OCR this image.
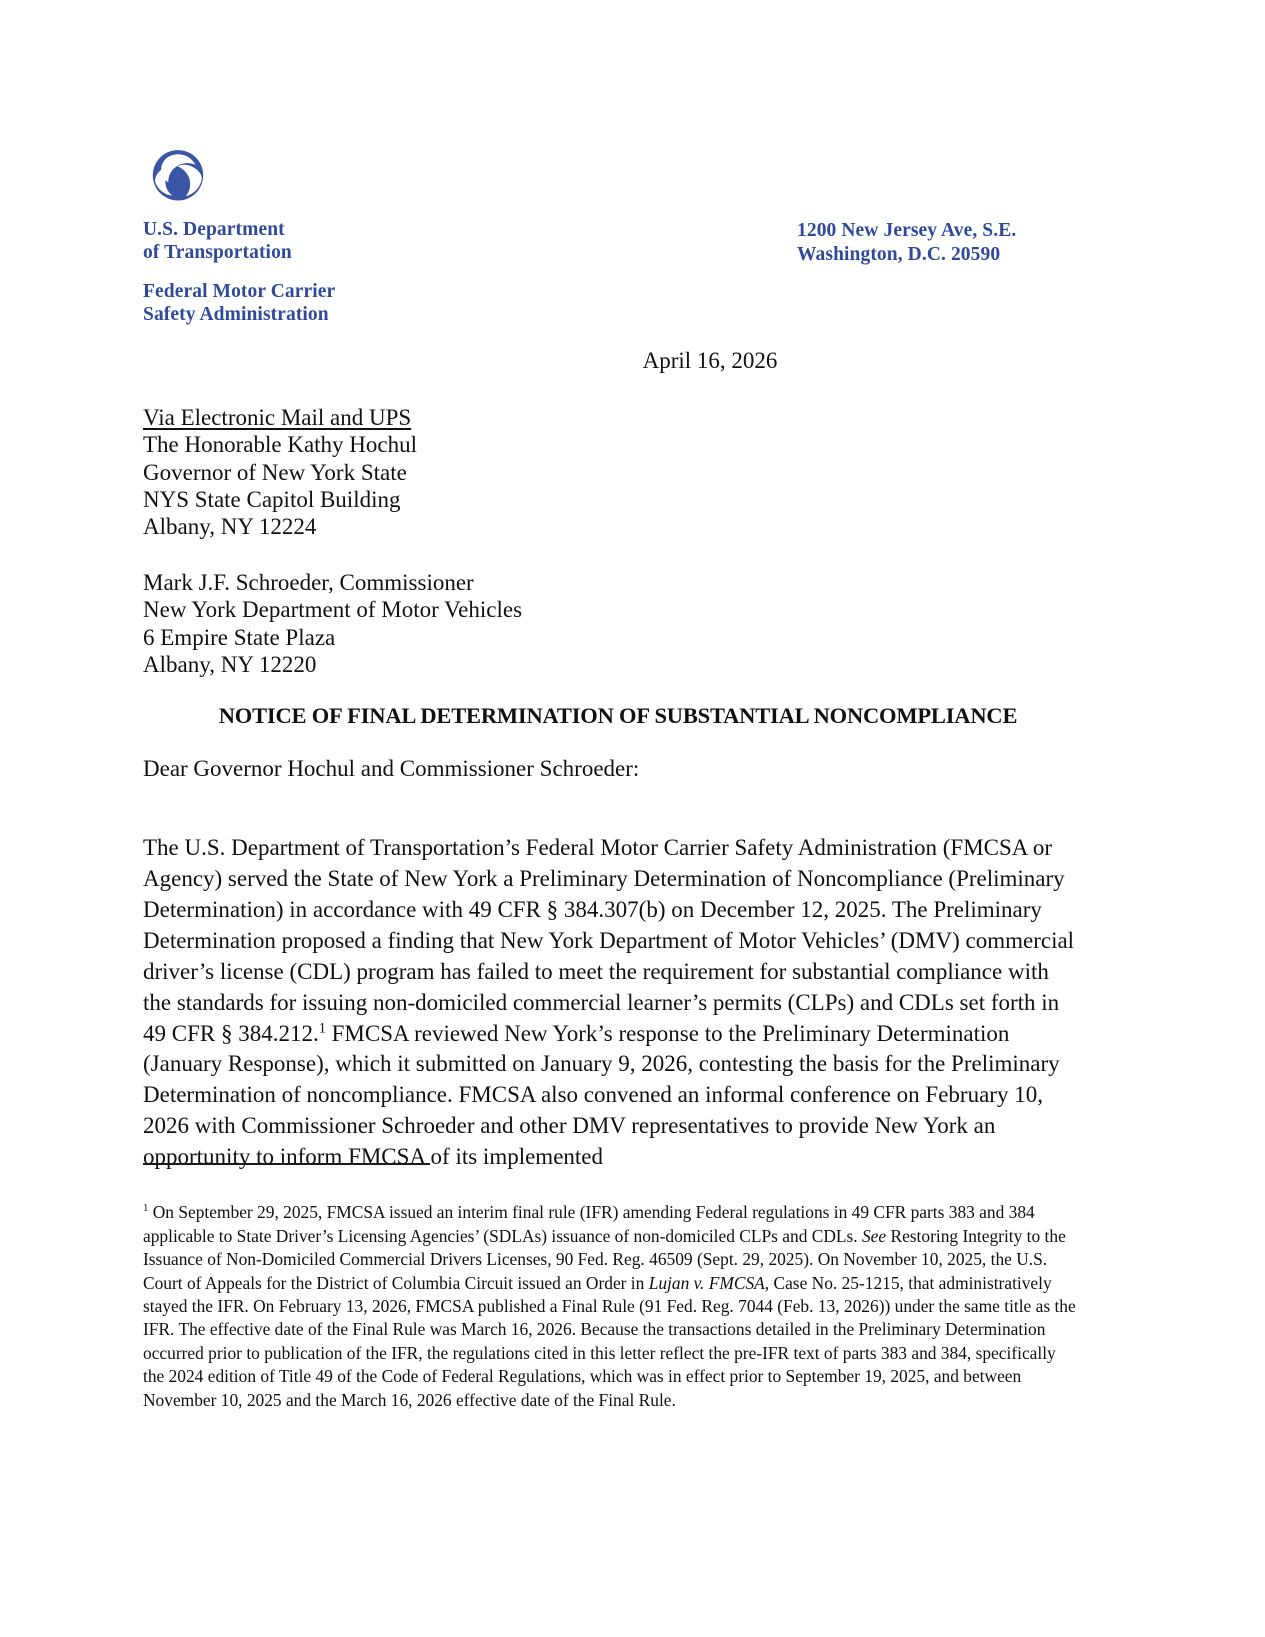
U.S. Department
of Transportation
Federal Motor Carrier
Safety Administration
1200 New Jersey Ave, S.E.
Washington, D.C. 20590
April 16, 2026
Via Electronic Mail and UPS
The Honorable Kathy Hochul
Governor of New York State
NYS State Capitol Building
Albany, NY 12224
Mark J.F. Schroeder, Commissioner
New York Department of Motor Vehicles
6 Empire State Plaza
Albany, NY 12220
NOTICE OF FINAL DETERMINATION OF SUBSTANTIAL NONCOMPLIANCE
Dear Governor Hochul and Commissioner Schroeder:

The U.S. Department of Transportation’s Federal Motor Carrier Safety Administration (FMCSA or Agency) served the State of New York a Preliminary Determination of Noncompliance (Preliminary Determination) in accordance with 49 CFR § 384.307(b) on December 12, 2025. The Preliminary Determination proposed a finding that New York Department of Motor Vehicles’ (DMV) commercial driver’s license (CDL) program has failed to meet the requirement for substantial compliance with the standards for issuing non-domiciled commercial learner’s permits (CLPs) and CDLs set forth in 49 CFR § 384.212.$^1$ FMCSA reviewed New York’s response to the Preliminary Determination (January Response), which it submitted on January 9, 2026, contesting the basis for the Preliminary Determination of noncompliance. FMCSA also convened an informal conference on February 10, 2026 with Commissioner Schroeder and other DMV representatives to provide New York an opportunity to inform FMCSA of its implemented

$^1$ On September 29, 2025, FMCSA issued an interim final rule (IFR) amending Federal regulations in 49 CFR parts 383 and 384 applicable to State Driver’s Licensing Agencies’ (SDLAs) issuance of non-domiciled CLPs and CDLs. See Restoring Integrity to the Issuance of Non-Domiciled Commercial Drivers Licenses, 90 Fed. Reg. 46509 (Sept. 29, 2025). On November 10, 2025, the U.S. Court of Appeals for the District of Columbia Circuit issued an Order in Lujan v. FMCSA, Case No. 25-1215, that administratively stayed the IFR. On February 13, 2026, FMCSA published a Final Rule (91 Fed. Reg. 7044 (Feb. 13, 2026)) under the same title as the IFR. The effective date of the Final Rule was March 16, 2026. Because the transactions detailed in the Preliminary Determination occurred prior to publication of the IFR, the regulations cited in this letter reflect the pre-IFR text of parts 383 and 384, specifically the 2024 edition of Title 49 of the Code of Federal Regulations, which was in effect prior to September 19, 2025, and between November 10, 2025 and the March 16, 2026 effective date of the Final Rule.
